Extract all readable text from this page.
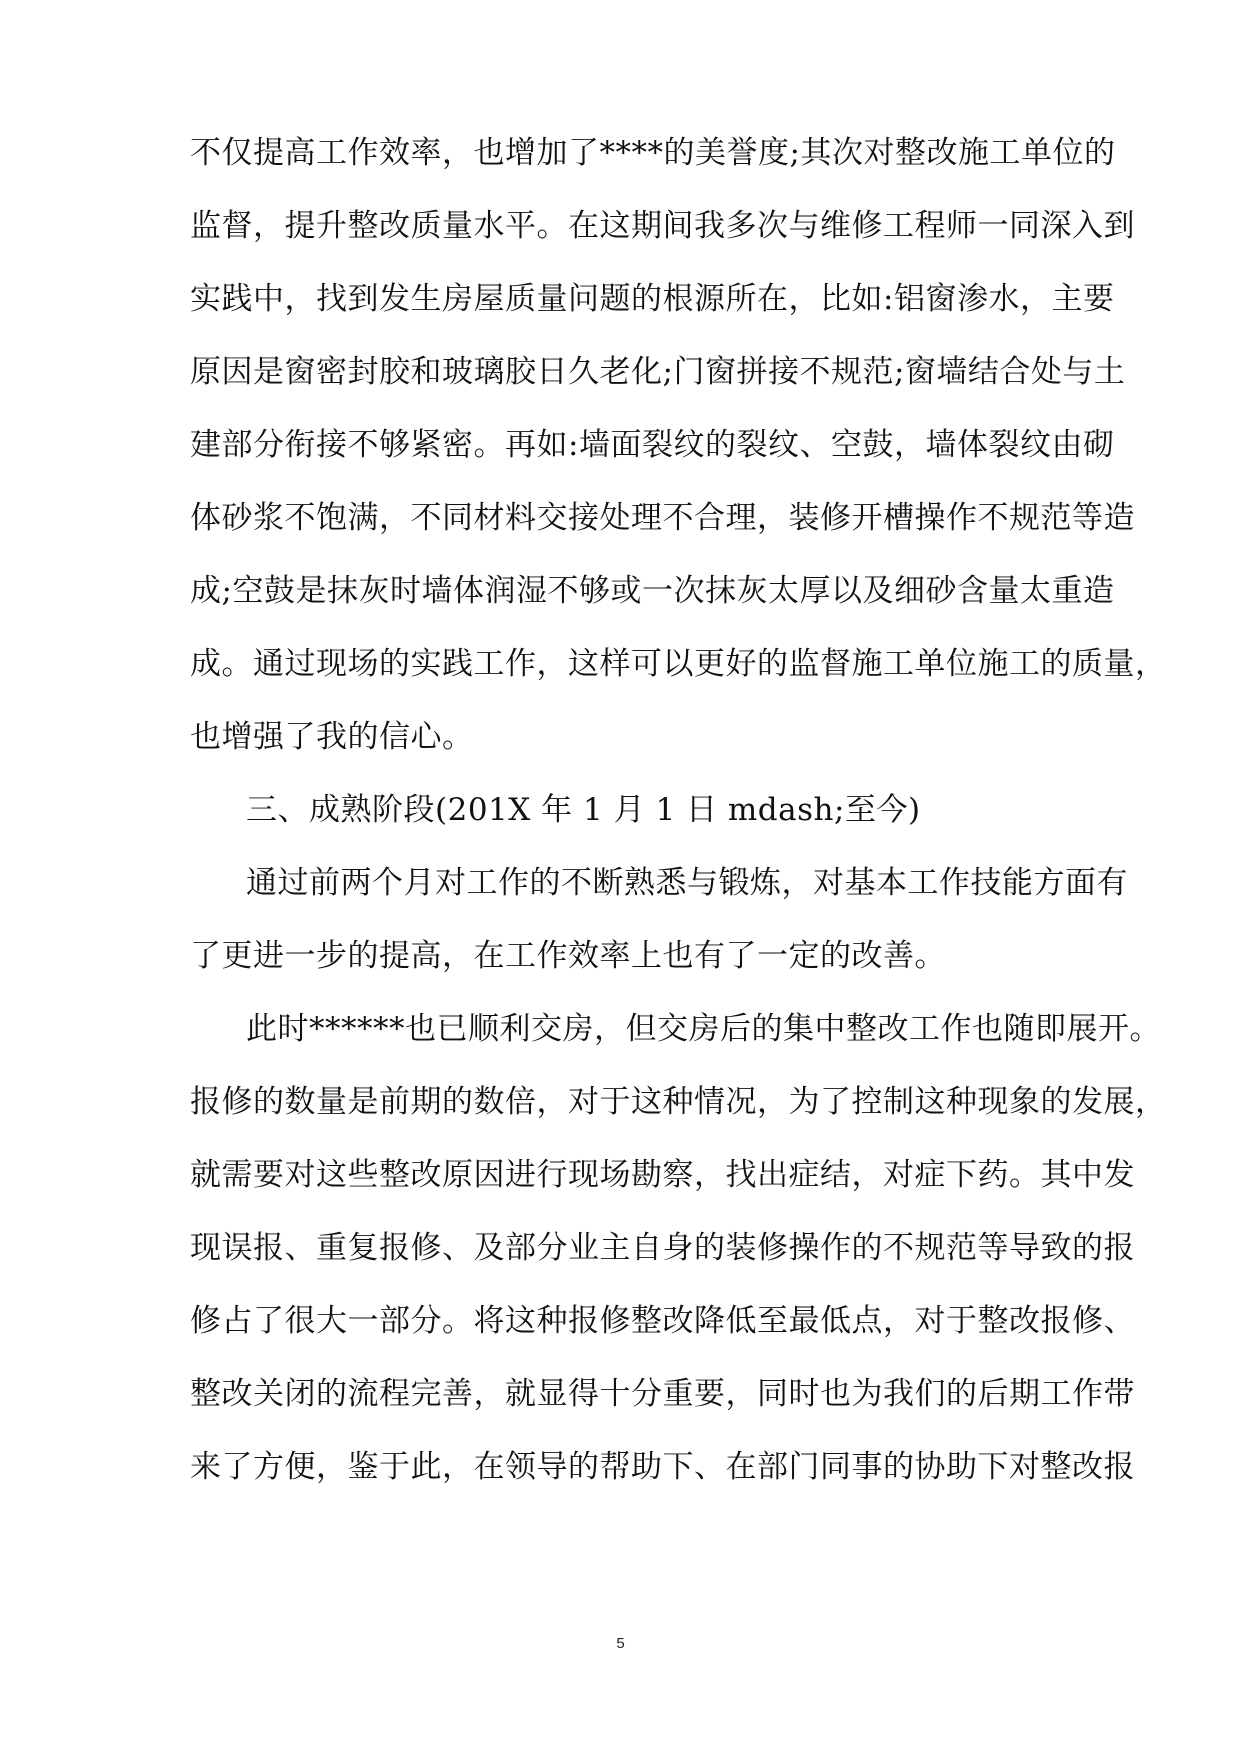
不仅提高工作效率，也增加了****的美誉度;其次对整改施工单位的
监督，提升整改质量水平。在这期间我多次与维修工程师一同深入到
实践中，找到发生房屋质量问题的根源所在，比如:铝窗渗水，主要
原因是窗密封胶和玻璃胶日久老化;门窗拼接不规范;窗墙结合处与土
建部分衔接不够紧密。再如:墙面裂纹的裂纹、空鼓，墙体裂纹由砌
体砂浆不饱满，不同材料交接处理不合理，装修开槽操作不规范等造
成;空鼓是抹灰时墙体润湿不够或一次抹灰太厚以及细砂含量太重造
成。通过现场的实践工作，这样可以更好的监督施工单位施工的质量，
也增强了我的信心。
三、成熟阶段(201X 年 1 月 1 日 mdash;至今)
通过前两个月对工作的不断熟悉与锻炼，对基本工作技能方面有
了更进一步的提高，在工作效率上也有了一定的改善。
此时******也已顺利交房，但交房后的集中整改工作也随即展开。
报修的数量是前期的数倍，对于这种情况，为了控制这种现象的发展，
就需要对这些整改原因进行现场勘察，找出症结，对症下药。其中发
现误报、重复报修、及部分业主自身的装修操作的不规范等导致的报
修占了很大一部分。将这种报修整改降低至最低点，对于整改报修、
整改关闭的流程完善，就显得十分重要，同时也为我们的后期工作带
来了方便，鉴于此，在领导的帮助下、在部门同事的协助下对整改报
5
